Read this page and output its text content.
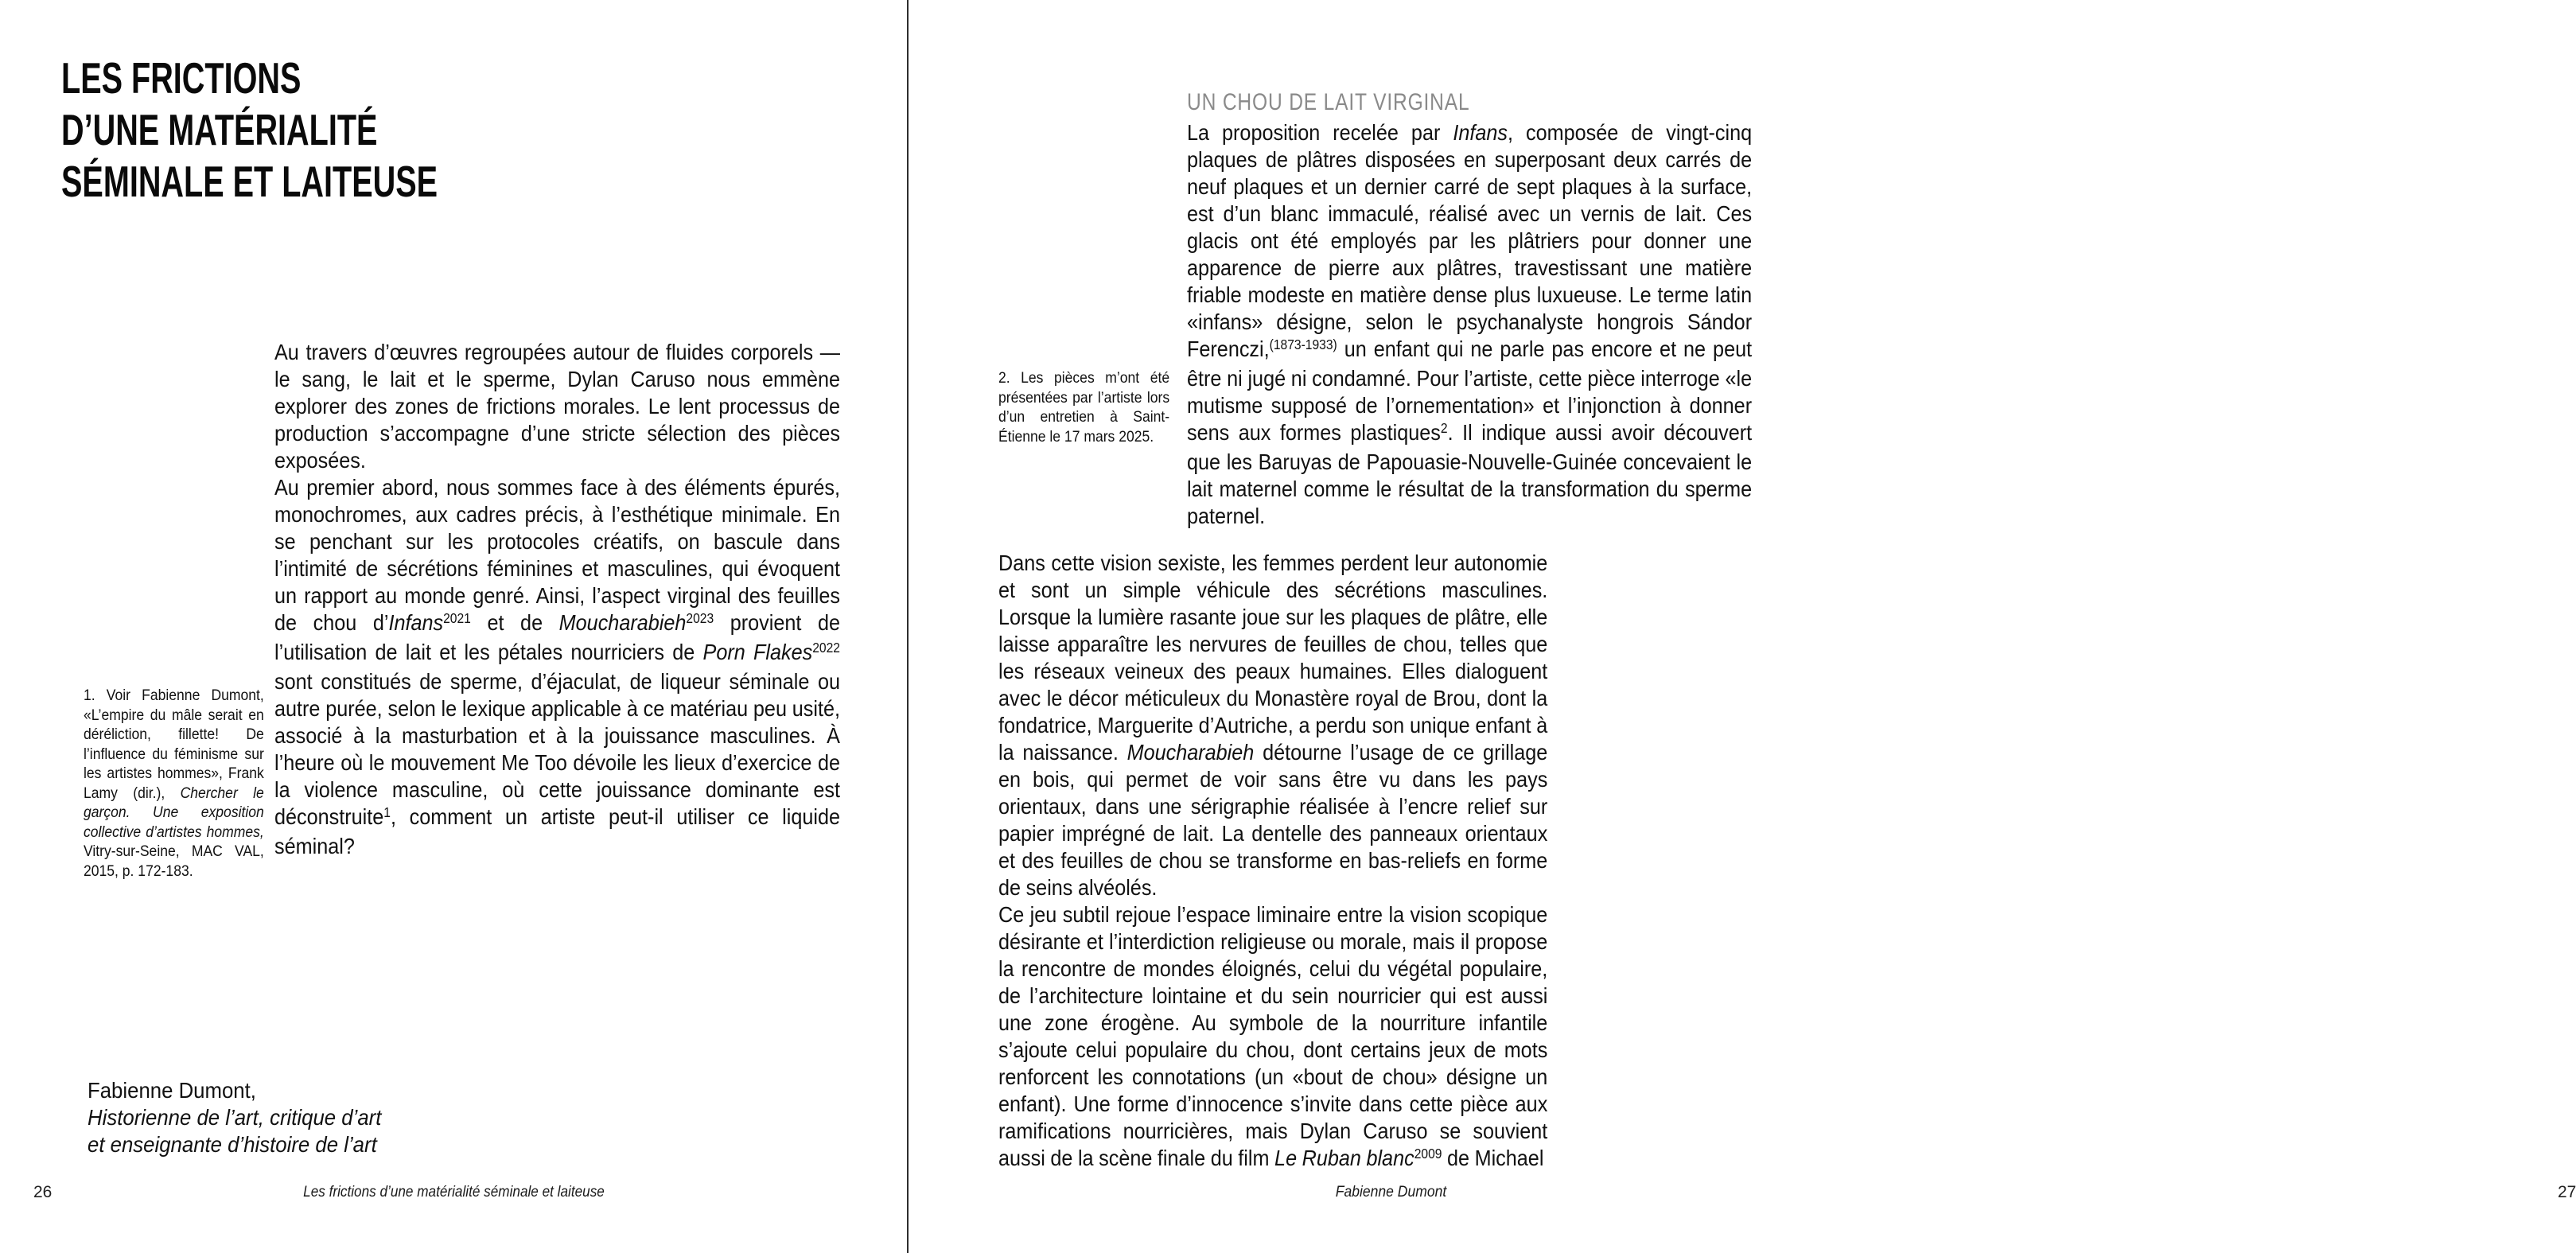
LES FRICTIONS
D’UNE MATÉRIALITÉ
SÉMINALE ET LAITEUSE

Au travers d’œuvres regroupées autour de fluides corporels —le sang, le lait et le sperme, Dylan Caruso nous emmène explorer des zones de frictions morales. Le lent processus de production s’accompagne d’une stricte sélection des pièces exposées.

Au premier abord, nous sommes face à des éléments épurés, monochromes, aux cadres précis, à l’esthétique minimale. En se penchant sur les protocoles créatifs, on bascule dans l’intimité de sécrétions féminines et masculines, qui évoquent un rapport au monde genré. Ainsi, l’aspect virginal des feuilles de chou d’Infans$^{2021}$ et de Moucharabieh$^{2023}$ provient de l’utilisation de lait et les pétales nourriciers de Porn Flakes$^{2022}$ sont constitués de sperme, d’éjaculat, de liqueur séminale ou autre purée, selon le lexique applicable à ce matériau peu usité, associé à la masturbation et à la jouissance masculines. À l’heure où le mouvement Me Too dévoile les lieux d’exercice de la violence masculine, où cette jouissance dominante est déconstruite$^1$, comment un artiste peut-il utiliser ce liquide séminal?

1. Voir Fabienne Dumont, «L’empire du mâle serait en déréliction, fillette! De l’influence du féminisme sur les artistes hommes», Frank Lamy (dir.), Chercher le garçon. Une exposition collective d’artistes hommes, Vitry-sur-Seine, MAC VAL, 2015, p. 172-183.
Fabienne Dumont,
Historienne de l’art, critique d’art
et enseignante d’histoire de l’art
26	Les frictions d’une matérialité séminale et laiteuse
UN CHOU DE LAIT VIRGINAL

La proposition recelée par Infans, composée de vingt-cinq plaques de plâtres disposées en superposant deux carrés de neuf plaques et un dernier carré de sept plaques à la surface, est d’un blanc immaculé, réalisé avec un vernis de lait. Ces glacis ont été employés par les plâtriers pour donner une apparence de pierre aux plâtres, travestissant une matière friable modeste en matière dense plus luxueuse. Le terme latin «infans» désigne, selon le psychanalyste hongrois Sándor Ferenczi,$^{(1873-1933)}$ un enfant qui ne parle pas encore et ne peut être ni jugé ni condamné. Pour l’artiste, cette pièce interroge «le mutisme supposé de l’ornementation» et l’injonction à donner sens aux formes plastiques$^2$. Il indique aussi avoir découvert que les Baruyas de Papouasie-Nouvelle-Guinée concevaient le lait maternel comme le résultat de la transformation du sperme paternel.

2. Les pièces m’ont été présentées par l’artiste lors d’un entretien à Saint-Étienne le 17 mars 2025.

Dans cette vision sexiste, les femmes perdent leur autonomie et sont un simple véhicule des sécrétions masculines. Lorsque la lumière rasante joue sur les plaques de plâtre, elle laisse apparaître les nervures de feuilles de chou, telles que les réseaux veineux des peaux humaines. Elles dialoguent avec le décor méticuleux du Monastère royal de Brou, dont la fondatrice, Marguerite d’Autriche, a perdu son unique enfant à la naissance. Moucharabieh détourne l’usage de ce grillage en bois, qui permet de voir sans être vu dans les pays orientaux, dans une sérigraphie réalisée à l’encre relief sur papier imprégné de lait. La dentelle des panneaux orientaux et des feuilles de chou se transforme en bas-reliefs en forme de seins alvéolés.
Ce jeu subtil rejoue l’espace liminaire entre la vision scopique désirante et l’interdiction religieuse ou morale, mais il propose la rencontre de mondes éloignés, celui du végétal populaire, de l’architecture lointaine et du sein nourricier qui est aussi une zone érogène. Au symbole de la nourriture infantile s’ajoute celui populaire du chou, dont certains jeux de mots renforcent les connotations (un «bout de chou» désigne un enfant). Une forme d’innocence s’invite dans cette pièce aux ramifications nourricières, mais Dylan Caruso se souvient aussi de la scène finale du film Le Ruban blanc$^{2009}$ de Michael

Fabienne Dumont	27
